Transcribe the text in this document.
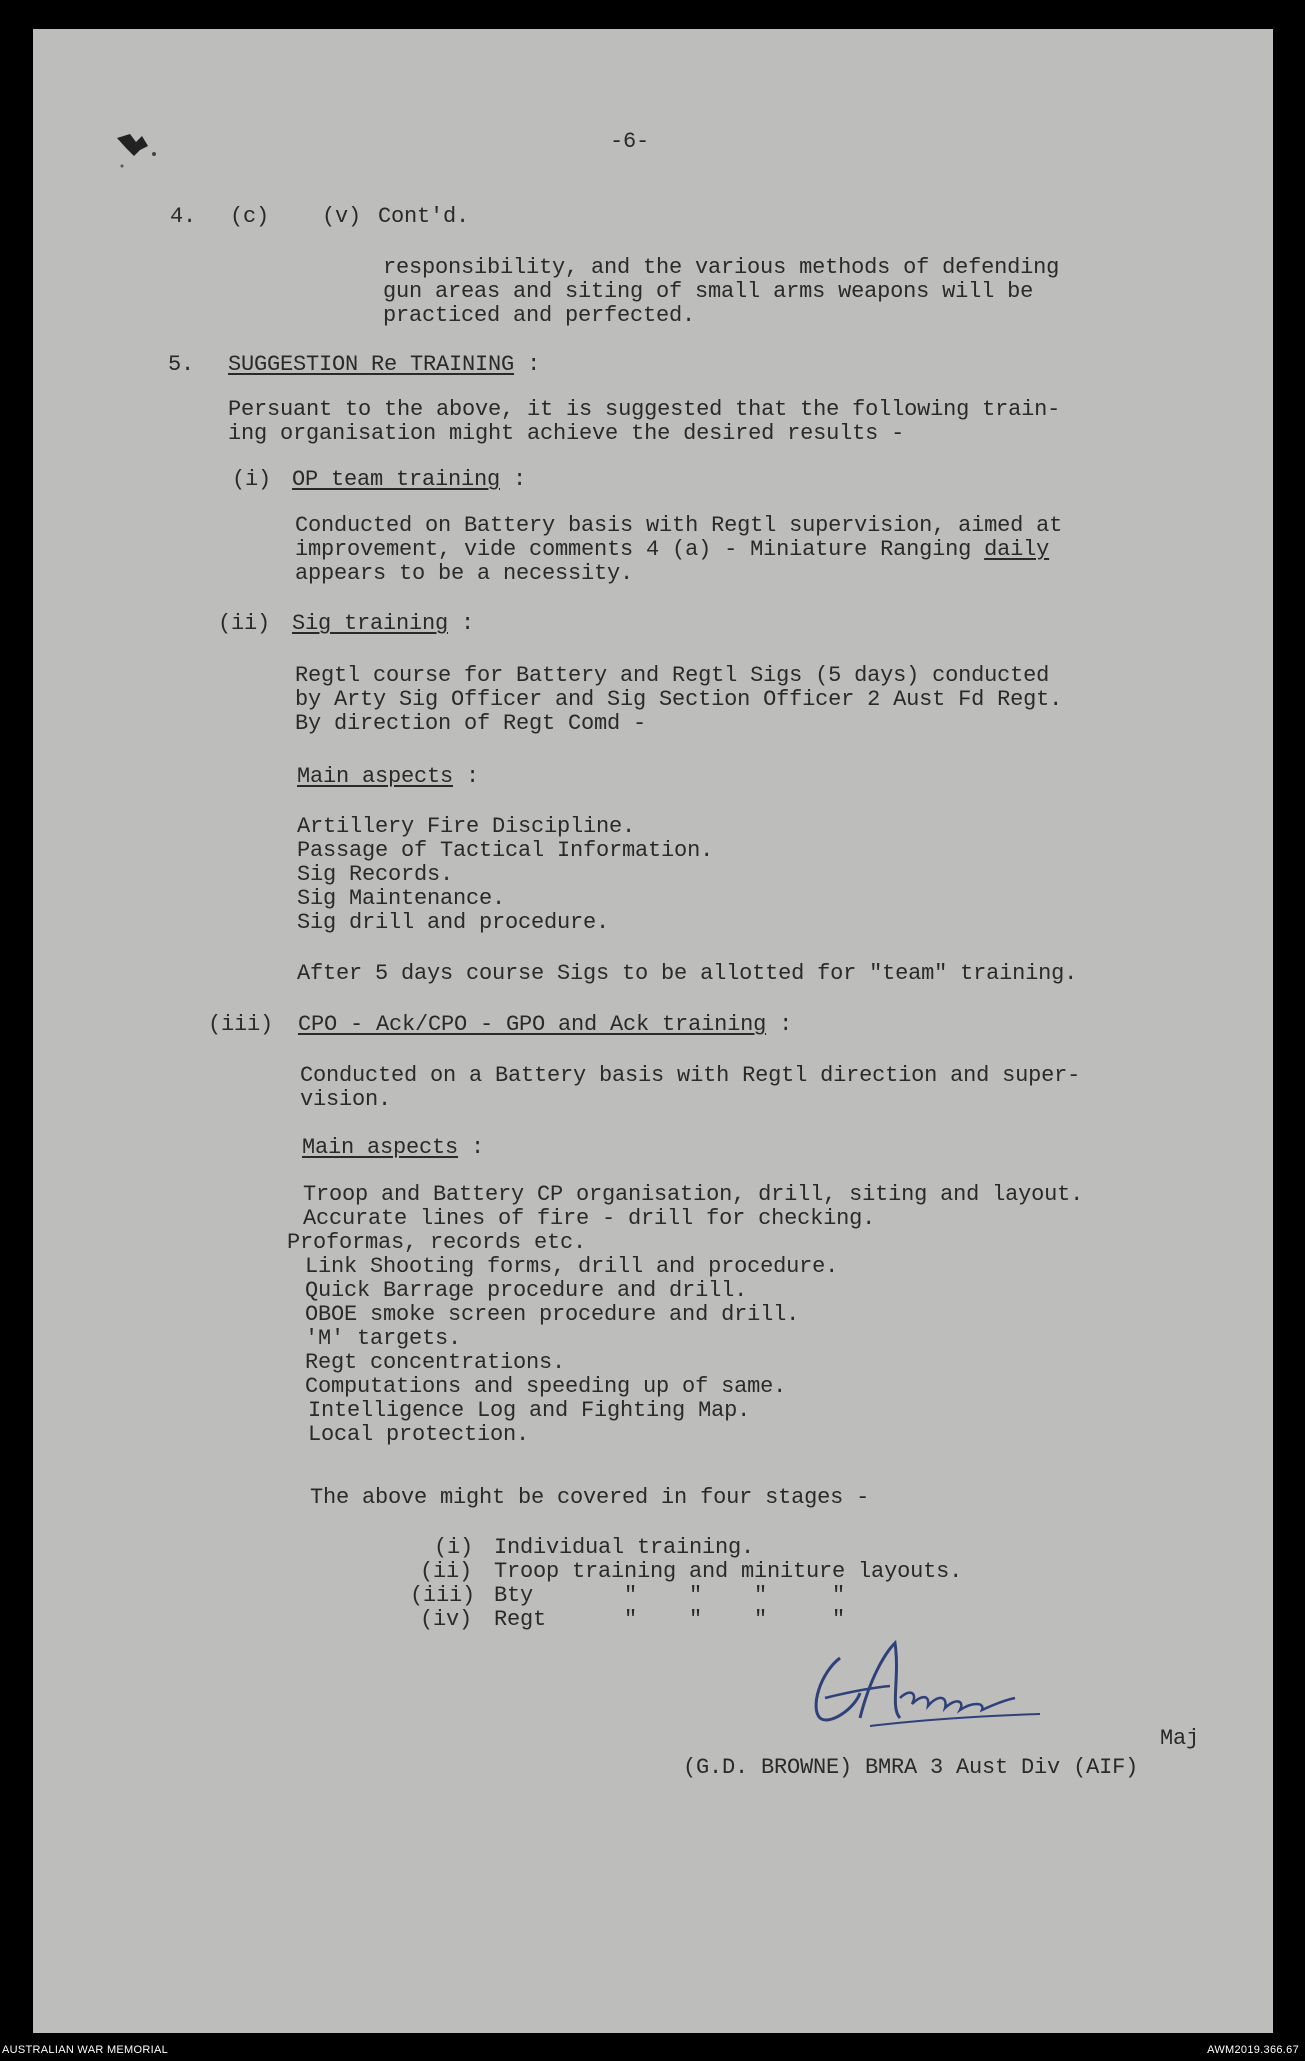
-6-
4. (c) (v) Cont'd.
responsibility, and the various methods of defending
gun areas and siting of small arms weapons will be
practiced and perfected.
5. SUGGESTION Re TRAINING :
Persuant to the above, it is suggested that the following train-
ing organisation might achieve the desired results -
(i) OP team training :
Conducted on Battery basis with Regtl supervision, aimed at
improvement, vide comments 4 (a) - Miniature Ranging daily
appears to be a necessity.
(ii) Sig training :
Regtl course for Battery and Regtl Sigs (5 days) conducted
by Arty Sig Officer and Sig Section Officer 2 Aust Fd Regt.
By direction of Regt Comd -
Main aspects :
Artillery Fire Discipline.
Passage of Tactical Information.
Sig Records.
Sig Maintenance.
Sig drill and procedure.
After 5 days course Sigs to be allotted for "team" training.
(iii) CPO - Ack/CPO - GPO and Ack training :
Conducted on a Battery basis with Regtl direction and super-
vision.
Main aspects :
Troop and Battery CP organisation, drill, siting and layout.
Accurate lines of fire - drill for checking.
Proformas, records etc.
Link Shooting forms, drill and procedure.
Quick Barrage procedure and drill.
OBOE smoke screen procedure and drill.
'M' targets.
Regt concentrations.
Computations and speeding up of same.
Intelligence Log and Fighting Map.
Local protection.
The above might be covered in four stages -
(i) Individual training.
(ii) Troop training and miniture layouts.
(iii) Bty       "    "    "     "
(iv) Regt      "    "    "     "
Maj
(G.D. BROWNE) BMRA 3 Aust Div (AIF)
AUSTRALIAN WAR MEMORIAL	AWM2019.366.67
